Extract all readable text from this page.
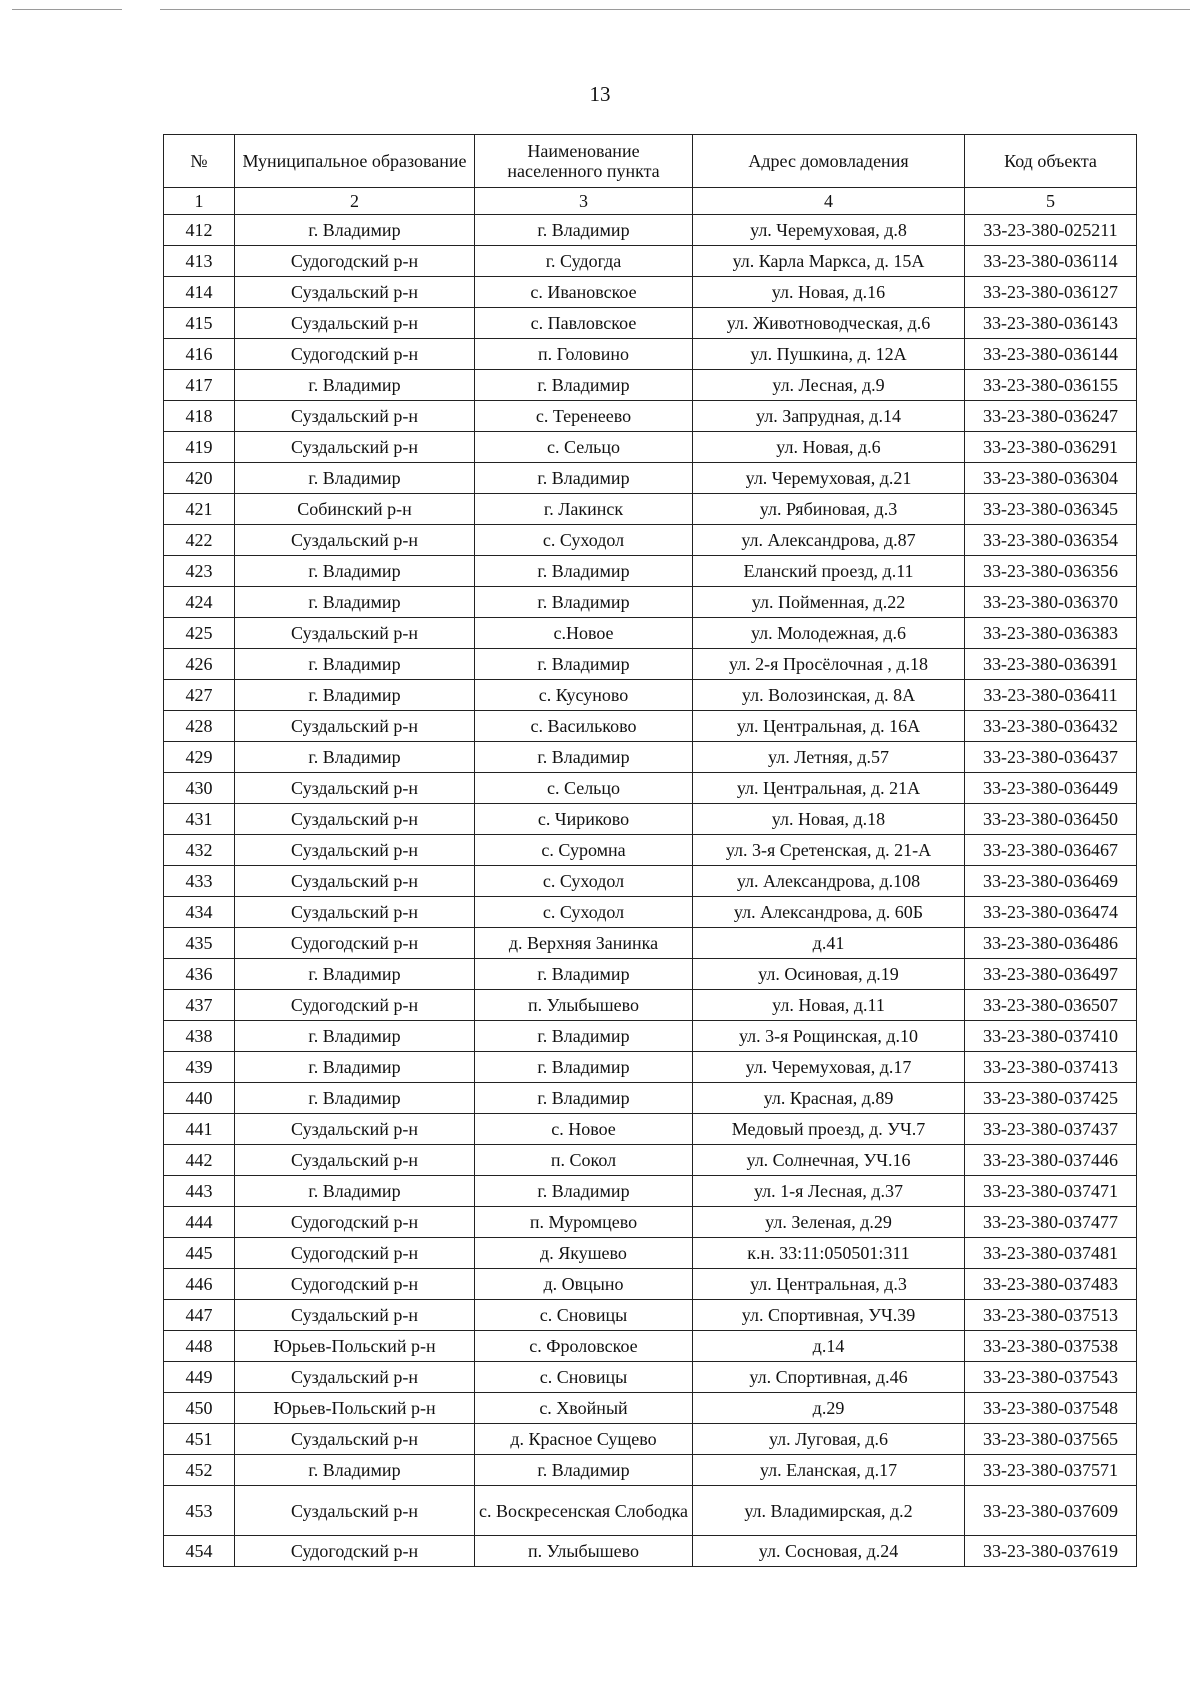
13
№	Муниципальное образование	Наименование населенного пункта	Адрес домовладения	Код объекта
1	2	3	4	5
412	г. Владимир	г. Владимир	ул. Черемуховая, д.8	33-23-380-025211
413	Судогодский р-н	г. Судогда	ул. Карла Маркса, д. 15А	33-23-380-036114
414	Суздальский р-н	с. Ивановское	ул. Новая, д.16	33-23-380-036127
415	Суздальский р-н	с. Павловское	ул. Животноводческая, д.6	33-23-380-036143
416	Судогодский р-н	п. Головино	ул. Пушкина, д. 12А	33-23-380-036144
417	г. Владимир	г. Владимир	ул. Лесная, д.9	33-23-380-036155
418	Суздальский р-н	с. Теренеево	ул. Запрудная, д.14	33-23-380-036247
419	Суздальский р-н	с. Сельцо	ул. Новая, д.6	33-23-380-036291
420	г. Владимир	г. Владимир	ул. Черемуховая, д.21	33-23-380-036304
421	Собинский р-н	г. Лакинск	ул. Рябиновая, д.3	33-23-380-036345
422	Суздальский р-н	с. Суходол	ул. Александрова, д.87	33-23-380-036354
423	г. Владимир	г. Владимир	Еланский проезд, д.11	33-23-380-036356
424	г. Владимир	г. Владимир	ул. Пойменная, д.22	33-23-380-036370
425	Суздальский р-н	с.Новое	ул. Молодежная, д.6	33-23-380-036383
426	г. Владимир	г. Владимир	ул. 2-я Просёлочная , д.18	33-23-380-036391
427	г. Владимир	с. Кусуново	ул. Волозинская, д. 8А	33-23-380-036411
428	Суздальский р-н	с. Васильково	ул. Центральная, д. 16А	33-23-380-036432
429	г. Владимир	г. Владимир	ул. Летняя, д.57	33-23-380-036437
430	Суздальский р-н	с. Сельцо	ул. Центральная, д. 21А	33-23-380-036449
431	Суздальский р-н	с. Чириково	ул. Новая, д.18	33-23-380-036450
432	Суздальский р-н	с. Суромна	ул. 3-я Сретенская, д. 21-А	33-23-380-036467
433	Суздальский р-н	с. Суходол	ул. Александрова, д.108	33-23-380-036469
434	Суздальский р-н	с. Суходол	ул. Александрова, д. 60Б	33-23-380-036474
435	Судогодский р-н	д. Верхняя Занинка	д.41	33-23-380-036486
436	г. Владимир	г. Владимир	ул. Осиновая, д.19	33-23-380-036497
437	Судогодский р-н	п. Улыбышево	ул. Новая, д.11	33-23-380-036507
438	г. Владимир	г. Владимир	ул. 3-я Рощинская, д.10	33-23-380-037410
439	г. Владимир	г. Владимир	ул. Черемуховая, д.17	33-23-380-037413
440	г. Владимир	г. Владимир	ул. Красная, д.89	33-23-380-037425
441	Суздальский р-н	с. Новое	Медовый проезд, д. УЧ.7	33-23-380-037437
442	Суздальский р-н	п. Сокол	ул. Солнечная, УЧ.16	33-23-380-037446
443	г. Владимир	г. Владимир	ул. 1-я Лесная, д.37	33-23-380-037471
444	Судогодский р-н	п. Муромцево	ул. Зеленая, д.29	33-23-380-037477
445	Судогодский р-н	д. Якушево	к.н. 33:11:050501:311	33-23-380-037481
446	Судогодский р-н	д. Овцыно	ул. Центральная, д.3	33-23-380-037483
447	Суздальский р-н	с. Сновицы	ул. Спортивная, УЧ.39	33-23-380-037513
448	Юрьев-Польский р-н	с. Фроловское	д.14	33-23-380-037538
449	Суздальский р-н	с. Сновицы	ул. Спортивная, д.46	33-23-380-037543
450	Юрьев-Польский р-н	с. Хвойный	д.29	33-23-380-037548
451	Суздальский р-н	д. Красное Сущево	ул. Луговая, д.6	33-23-380-037565
452	г. Владимир	г. Владимир	ул. Еланская, д.17	33-23-380-037571
453	Суздальский р-н	с. Воскресенская Слободка	ул. Владимирская, д.2	33-23-380-037609
454	Судогодский р-н	п. Улыбышево	ул. Сосновая, д.24	33-23-380-037619
